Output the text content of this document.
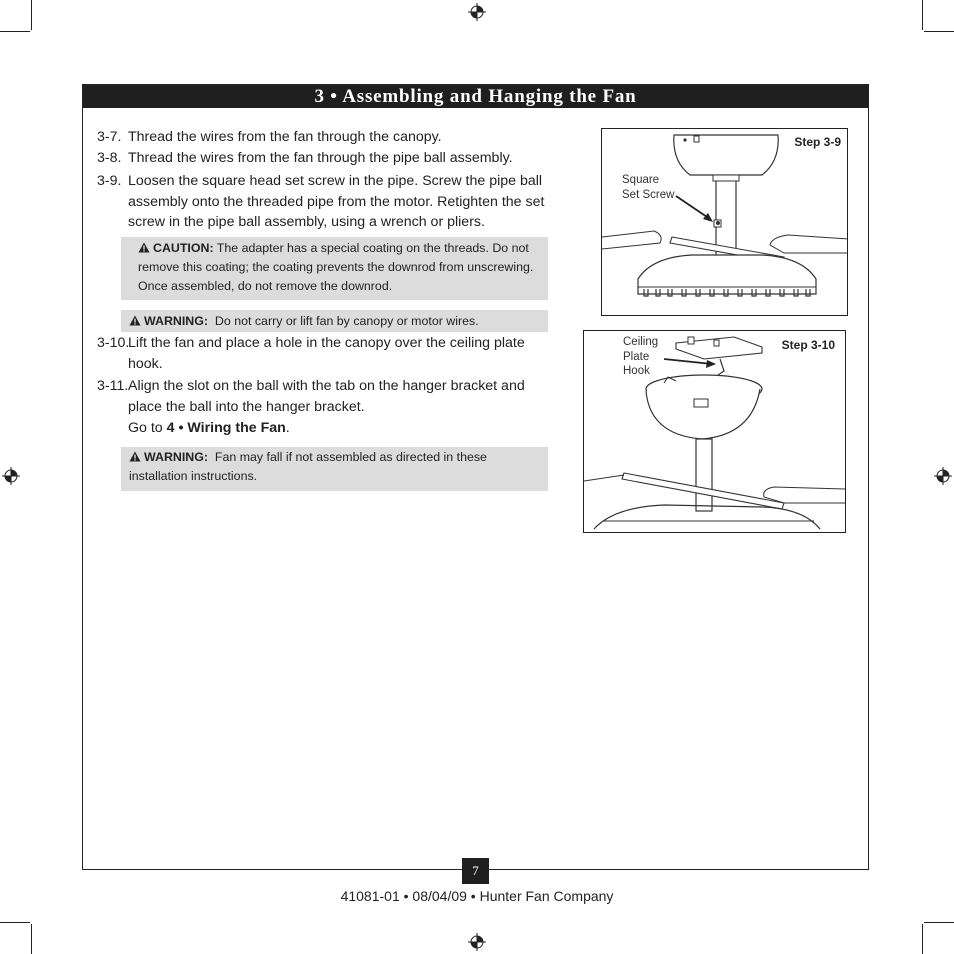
3 • Assembling and Hanging the Fan
3-7. Thread the wires from the fan through the canopy.
3-8. Thread the wires from the fan through the pipe ball assembly.
3-9. Loosen the square head set screw in the pipe. Screw the pipe ball assembly onto the threaded pipe from the motor. Retighten the set screw in the pipe ball assembly, using a wrench or pliers.
CAUTION: The adapter has a special coating on the threads. Do not remove this coating; the coating prevents the downrod from unscrewing. Once assembled, do not remove the downrod.
WARNING: Do not carry or lift fan by canopy or motor wires.
3-10.
Lift the fan and place a hole in the canopy over the ceiling plate hook.
3-11. Align the slot on the ball with the tab on the hanger bracket and place the ball into the hanger bracket.
Go to 4 • Wiring the Fan.
WARNING: Fan may fall if not assembled as directed in these installation instructions.
Step 3-9
Square
Set Screw
Step 3-10
Ceiling
Plate
Hook
7
41081-01 • 08/04/09 • Hunter Fan Company
